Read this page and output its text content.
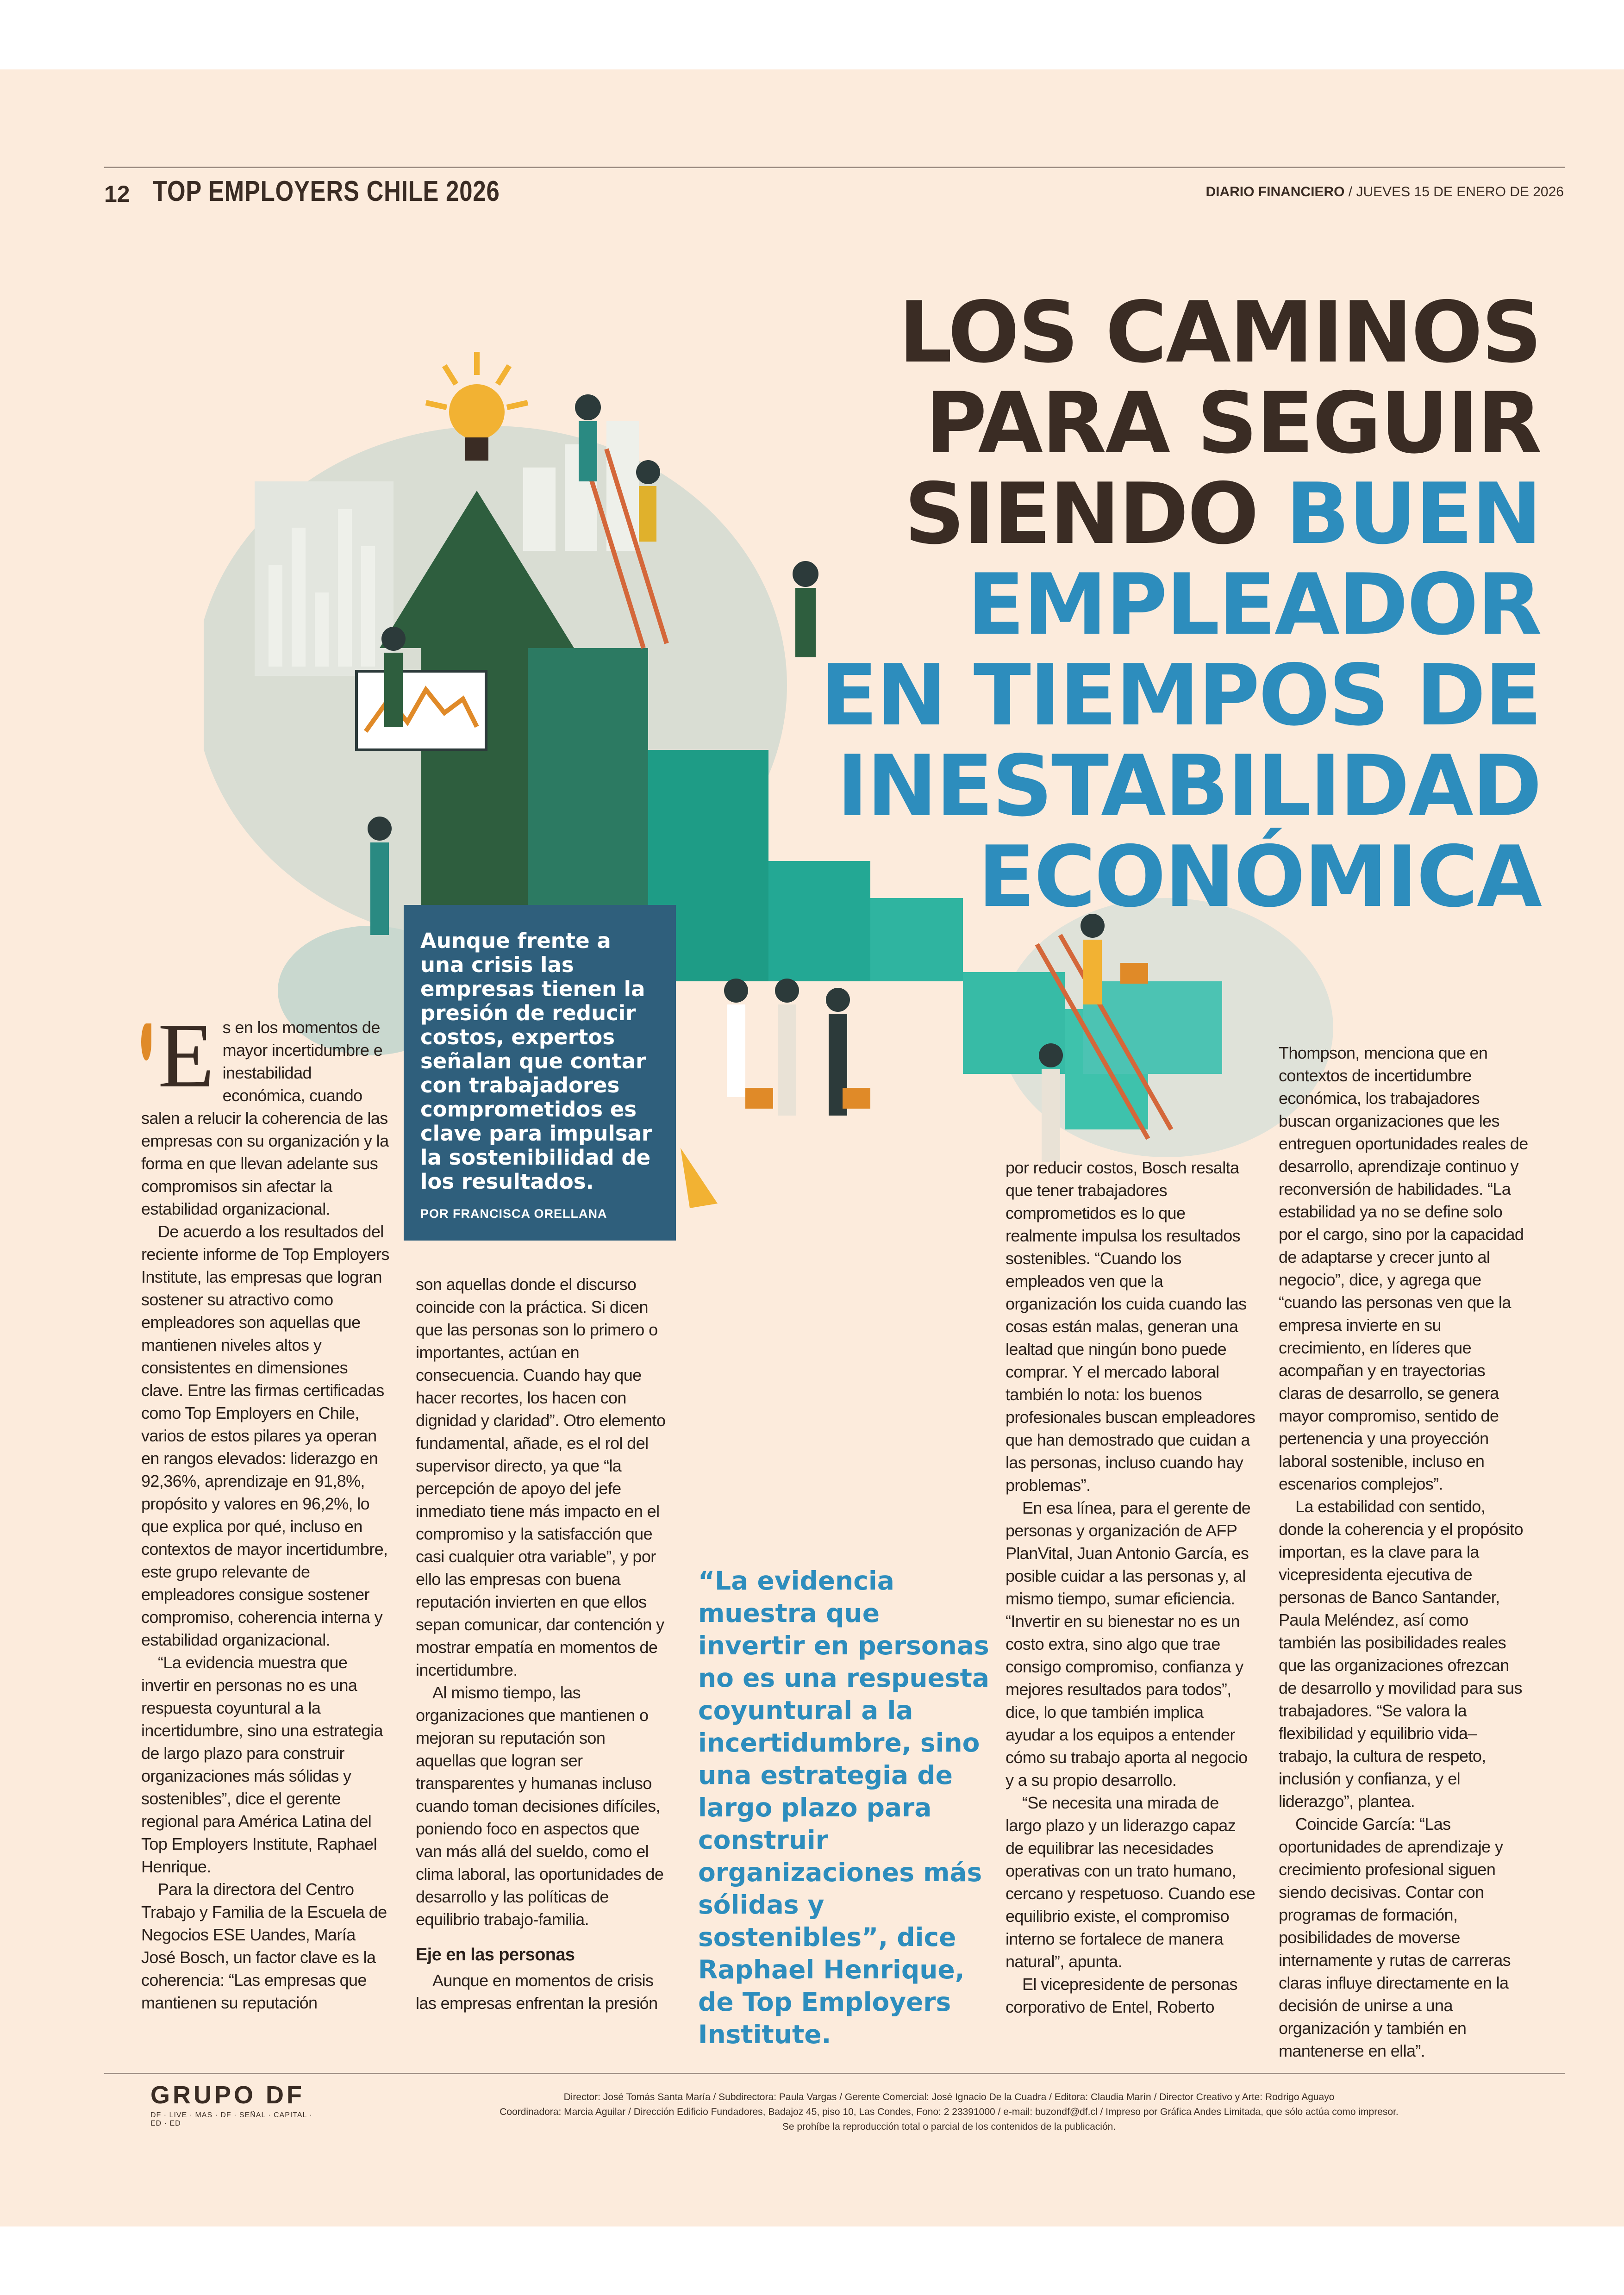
12 TOP EMPLOYERS CHILE 2026	DIARIO FINANCIERO / JUEVES 15 DE ENERO DE 2026
LOS CAMINOS
PARA SEGUIR
SIENDO BUEN
EMPLEADOR
EN TIEMPOS DE
INESTABILIDAD
ECONÓMICA
Aunque frente a una crisis las empresas tienen la presión de reducir costos, expertos señalan que contar con trabajadores comprometidos es clave para impulsar la sostenibilidad de los resultados.
POR FRANCISCA ORELLANA
E s en los momentos de mayor incertidumbre e inestabilidad económica, cuando salen a relucir la coherencia de las empresas con su organización y la forma en que llevan adelante sus compromisos sin afectar la estabilidad organizacional.

De acuerdo a los resultados del reciente informe de Top Employers Institute, las empresas que logran sostener su atractivo como empleadores son aquellas que mantienen niveles altos y consistentes en dimensiones clave. Entre las firmas certificadas como Top Employers en Chile, varios de estos pilares ya operan en rangos elevados: liderazgo en 92,36%, aprendizaje en 91,8%, propósito y valores en 96,2%, lo que explica por qué, incluso en contextos de mayor incertidumbre, este grupo relevante de empleadores consigue sostener compromiso, coherencia interna y estabilidad organizacional.

“La evidencia muestra que invertir en personas no es una respuesta coyuntural a la incertidumbre, sino una estrategia de largo plazo para construir organizaciones más sólidas y sostenibles”, dice el gerente regional para América Latina del Top Employers Institute, Raphael Henrique.

Para la directora del Centro Trabajo y Familia de la Escuela de Negocios ESE Uandes, María José Bosch, un factor clave es la coherencia: “Las empresas que mantienen su reputación

son aquellas donde el discurso coincide con la práctica. Si dicen que las personas son lo primero o importantes, actúan en consecuencia. Cuando hay que hacer recortes, los hacen con dignidad y claridad”. Otro elemento fundamental, añade, es el rol del supervisor directo, ya que “la percepción de apoyo del jefe inmediato tiene más impacto en el compromiso y la satisfacción que casi cualquier otra variable”, y por ello las empresas con buena reputación invierten en que ellos sepan comunicar, dar contención y mostrar empatía en momentos de incertidumbre.

Al mismo tiempo, las organizaciones que mantienen o mejoran su reputación son aquellas que logran ser transparentes y humanas incluso cuando toman decisiones difíciles, poniendo foco en aspectos que van más allá del sueldo, como el clima laboral, las oportunidades de desarrollo y las políticas de equilibrio trabajo-familia.

Eje en las personas

Aunque en momentos de crisis las empresas enfrentan la presión

“La evidencia muestra que invertir en personas no es una respuesta coyuntural a la incertidumbre, sino una estrategia de largo plazo para construir organizaciones más sólidas y sostenibles”, dice Raphael Henrique, de Top Employers Institute.

por reducir costos, Bosch resalta que tener trabajadores comprometidos es lo que realmente impulsa los resultados sostenibles. “Cuando los empleados ven que la organización los cuida cuando las cosas están malas, generan una lealtad que ningún bono puede comprar. Y el mercado laboral también lo nota: los buenos profesionales buscan empleadores que han demostrado que cuidan a las personas, incluso cuando hay problemas”.

En esa línea, para el gerente de personas y organización de AFP PlanVital, Juan Antonio García, es posible cuidar a las personas y, al mismo tiempo, sumar eficiencia. “Invertir en su bienestar no es un costo extra, sino algo que trae consigo compromiso, confianza y mejores resultados para todos”, dice, lo que también implica ayudar a los equipos a entender cómo su trabajo aporta al negocio y a su propio desarrollo.

“Se necesita una mirada de largo plazo y un liderazgo capaz de equilibrar las necesidades operativas con un trato humano, cercano y respetuoso. Cuando ese equilibrio existe, el compromiso interno se fortalece de manera natural”, apunta.

El vicepresidente de personas corporativo de Entel, Roberto

Thompson, menciona que en contextos de incertidumbre económica, los trabajadores buscan organizaciones que les entreguen oportunidades reales de desarrollo, aprendizaje continuo y reconversión de habilidades. “La estabilidad ya no se define solo por el cargo, sino por la capacidad de adaptarse y crecer junto al negocio”, dice, y agrega que “cuando las personas ven que la empresa invierte en su crecimiento, en líderes que acompañan y en trayectorias claras de desarrollo, se genera mayor compromiso, sentido de pertenencia y una proyección laboral sostenible, incluso en escenarios complejos”.

La estabilidad con sentido, donde la coherencia y el propósito importan, es la clave para la vicepresidenta ejecutiva de personas de Banco Santander, Paula Meléndez, así como también las posibilidades reales que las organizaciones ofrezcan de desarrollo y movilidad para sus trabajadores. “Se valora la flexibilidad y equilibrio vida–trabajo, la cultura de respeto, inclusión y confianza, y el liderazgo”, plantea.

Coincide García: “Las oportunidades de aprendizaje y crecimiento profesional siguen siendo decisivas. Contar con programas de formación, posibilidades de moverse internamente y rutas de carreras claras influye directamente en la decisión de unirse a una organización y también en mantenerse en ella”.

GRUPO DF
DF · LIVE · MAS · DF · SEÑAL · CAPITAL · ED · ED
Director: José Tomás Santa María / Subdirectora: Paula Vargas / Gerente Comercial: José Ignacio De la Cuadra / Editora: Claudia Marín / Director Creativo y Arte: Rodrigo Aguayo
Coordinadora: Marcia Aguilar / Dirección Edificio Fundadores, Badajoz 45, piso 10, Las Condes, Fono: 2 23391000 / e-mail: buzondf@df.cl / Impreso por Gráfica Andes Limitada, que sólo actúa como impresor.
Se prohíbe la reproducción total o parcial de los contenidos de la publicación.
